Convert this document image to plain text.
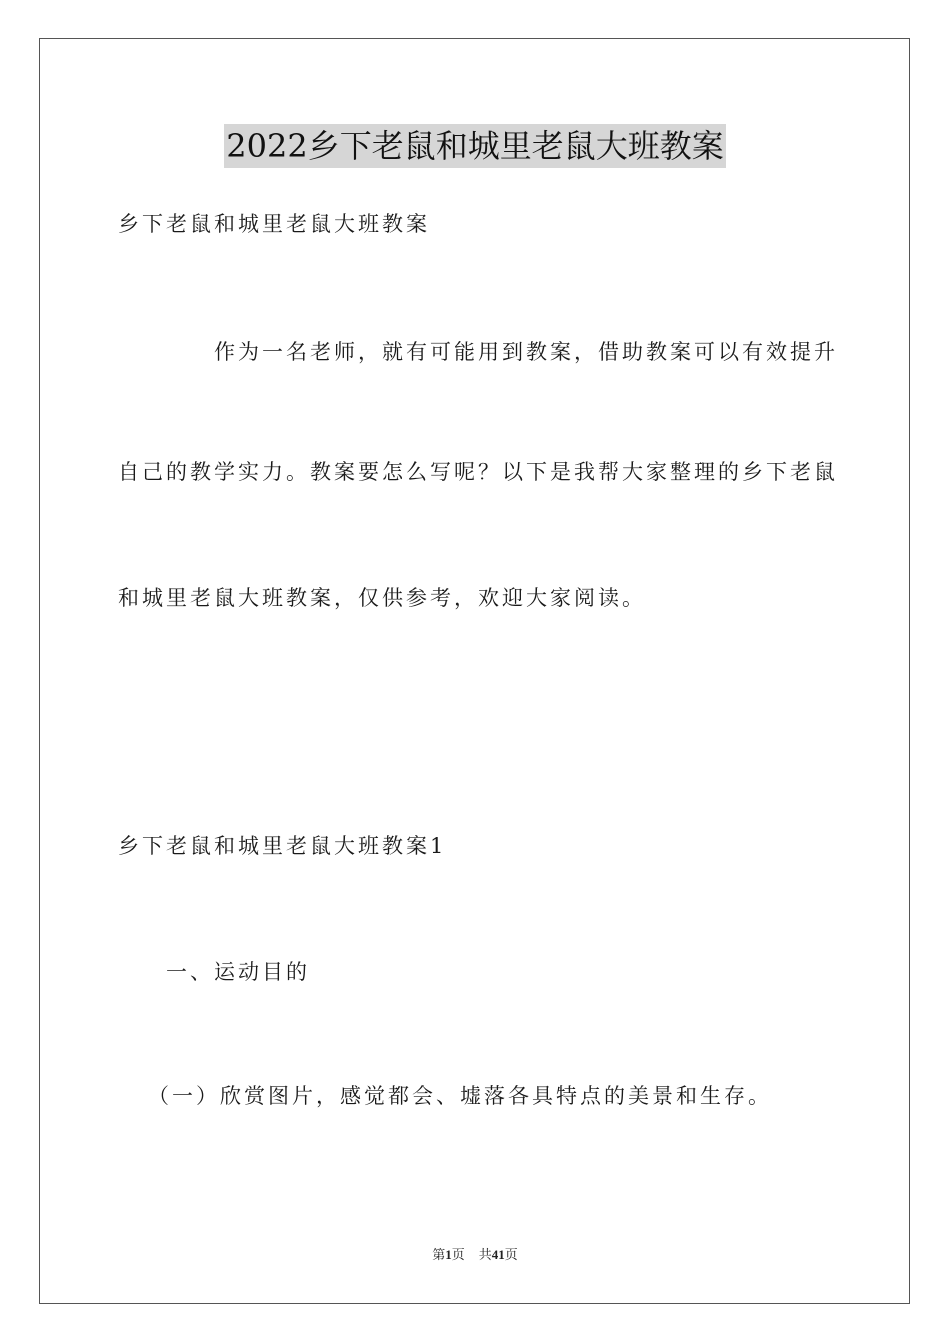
2022乡下老鼠和城里老鼠大班教案
乡下老鼠和城里老鼠大班教案
作为一名老师，就有可能用到教案，借助教案可以有效提升
自己的教学实力。教案要怎么写呢？以下是我帮大家整理的乡下老鼠
和城里老鼠大班教案，仅供参考，欢迎大家阅读。
乡下老鼠和城里老鼠大班教案1
一、运动目的
（一）欣赏图片，感觉都会、墟落各具特点的美景和生存。
第1页 共41页
